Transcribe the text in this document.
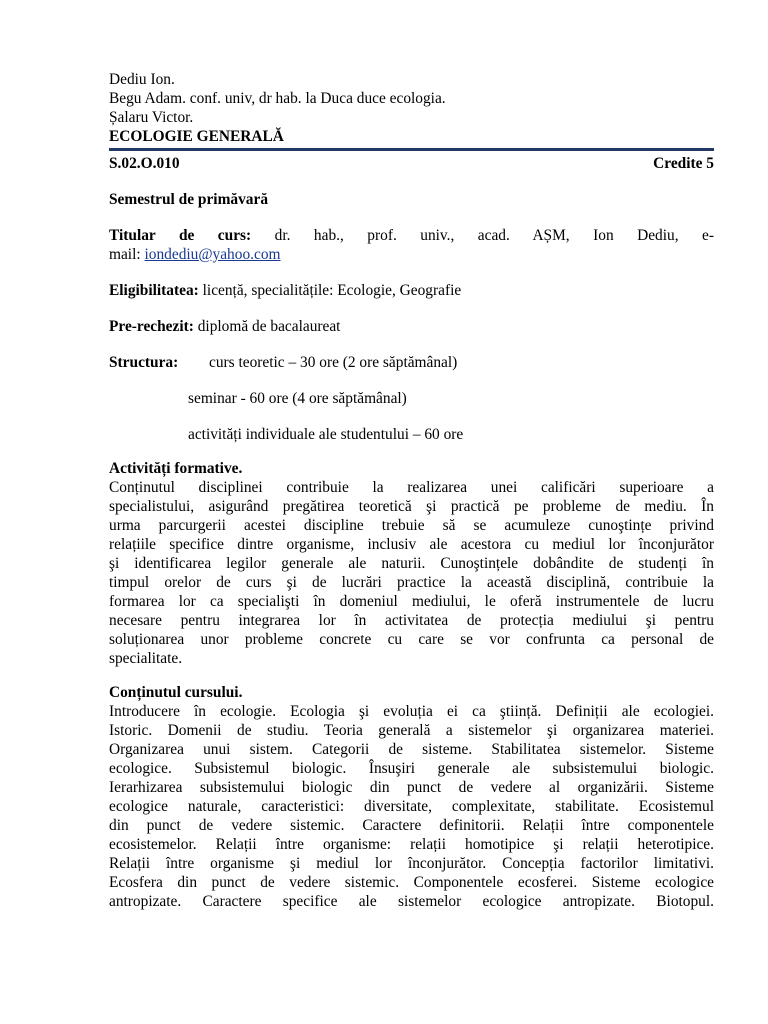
Dediu Ion.
Begu Adam. conf. univ, dr hab. la Duca duce ecologia.
Șalaru Victor.
ECOLOGIE GENERALĂ
S.02.O.010	Credite 5
Semestrul de primăvară
Titular de curs: dr. hab., prof. univ., acad. AȘM, Ion Dediu, e-
mail: iondediu@yahoo.com
Eligibilitatea: licență, specialitățile: Ecologie, Geografie
Pre-rechezit: diplomă de bacalaureat
Structura: curs teoretic – 30 ore (2 ore săptămânal)
seminar - 60 ore (4 ore săptămânal)
activități individuale ale studentului – 60 ore
Activități formative.
Conținutul disciplinei contribuie la realizarea unei calificări superioare a
specialistului, asigurând pregătirea teoretică şi practică pe probleme de mediu. În
urma parcurgerii acestei discipline trebuie să se acumuleze cunoştințe privind
relațiile specifice dintre organisme, inclusiv ale acestora cu mediul lor înconjurător
şi identificarea legilor generale ale naturii. Cunoştințele dobândite de studenți în
timpul orelor de curs şi de lucrări practice la această disciplină, contribuie la
formarea lor ca specialişti în domeniul mediului, le oferă instrumentele de lucru
necesare pentru integrarea lor în activitatea de protecția mediului şi pentru
soluționarea unor probleme concrete cu care se vor confrunta ca personal de
specialitate.
Conținutul cursului.
Introducere în ecologie. Ecologia şi evoluția ei ca ştiință. Definiții ale ecologiei.
Istoric. Domenii de studiu. Teoria generală a sistemelor şi organizarea materiei.
Organizarea unui sistem. Categorii de sisteme. Stabilitatea sistemelor. Sisteme
ecologice. Subsistemul biologic. Însuşiri generale ale subsistemului biologic.
Ierarhizarea subsistemului biologic din punct de vedere al organizării. Sisteme
ecologice naturale, caracteristici: diversitate, complexitate, stabilitate. Ecosistemul
din punct de vedere sistemic. Caractere definitorii. Relații între componentele
ecosistemelor. Relații între organisme: relații homotipice şi relații heterotipice.
Relații între organisme şi mediul lor înconjurător. Concepția factorilor limitativi.
Ecosfera din punct de vedere sistemic. Componentele ecosferei. Sisteme ecologice
antropizate. Caractere specifice ale sistemelor ecologice antropizate. Biotopul.
